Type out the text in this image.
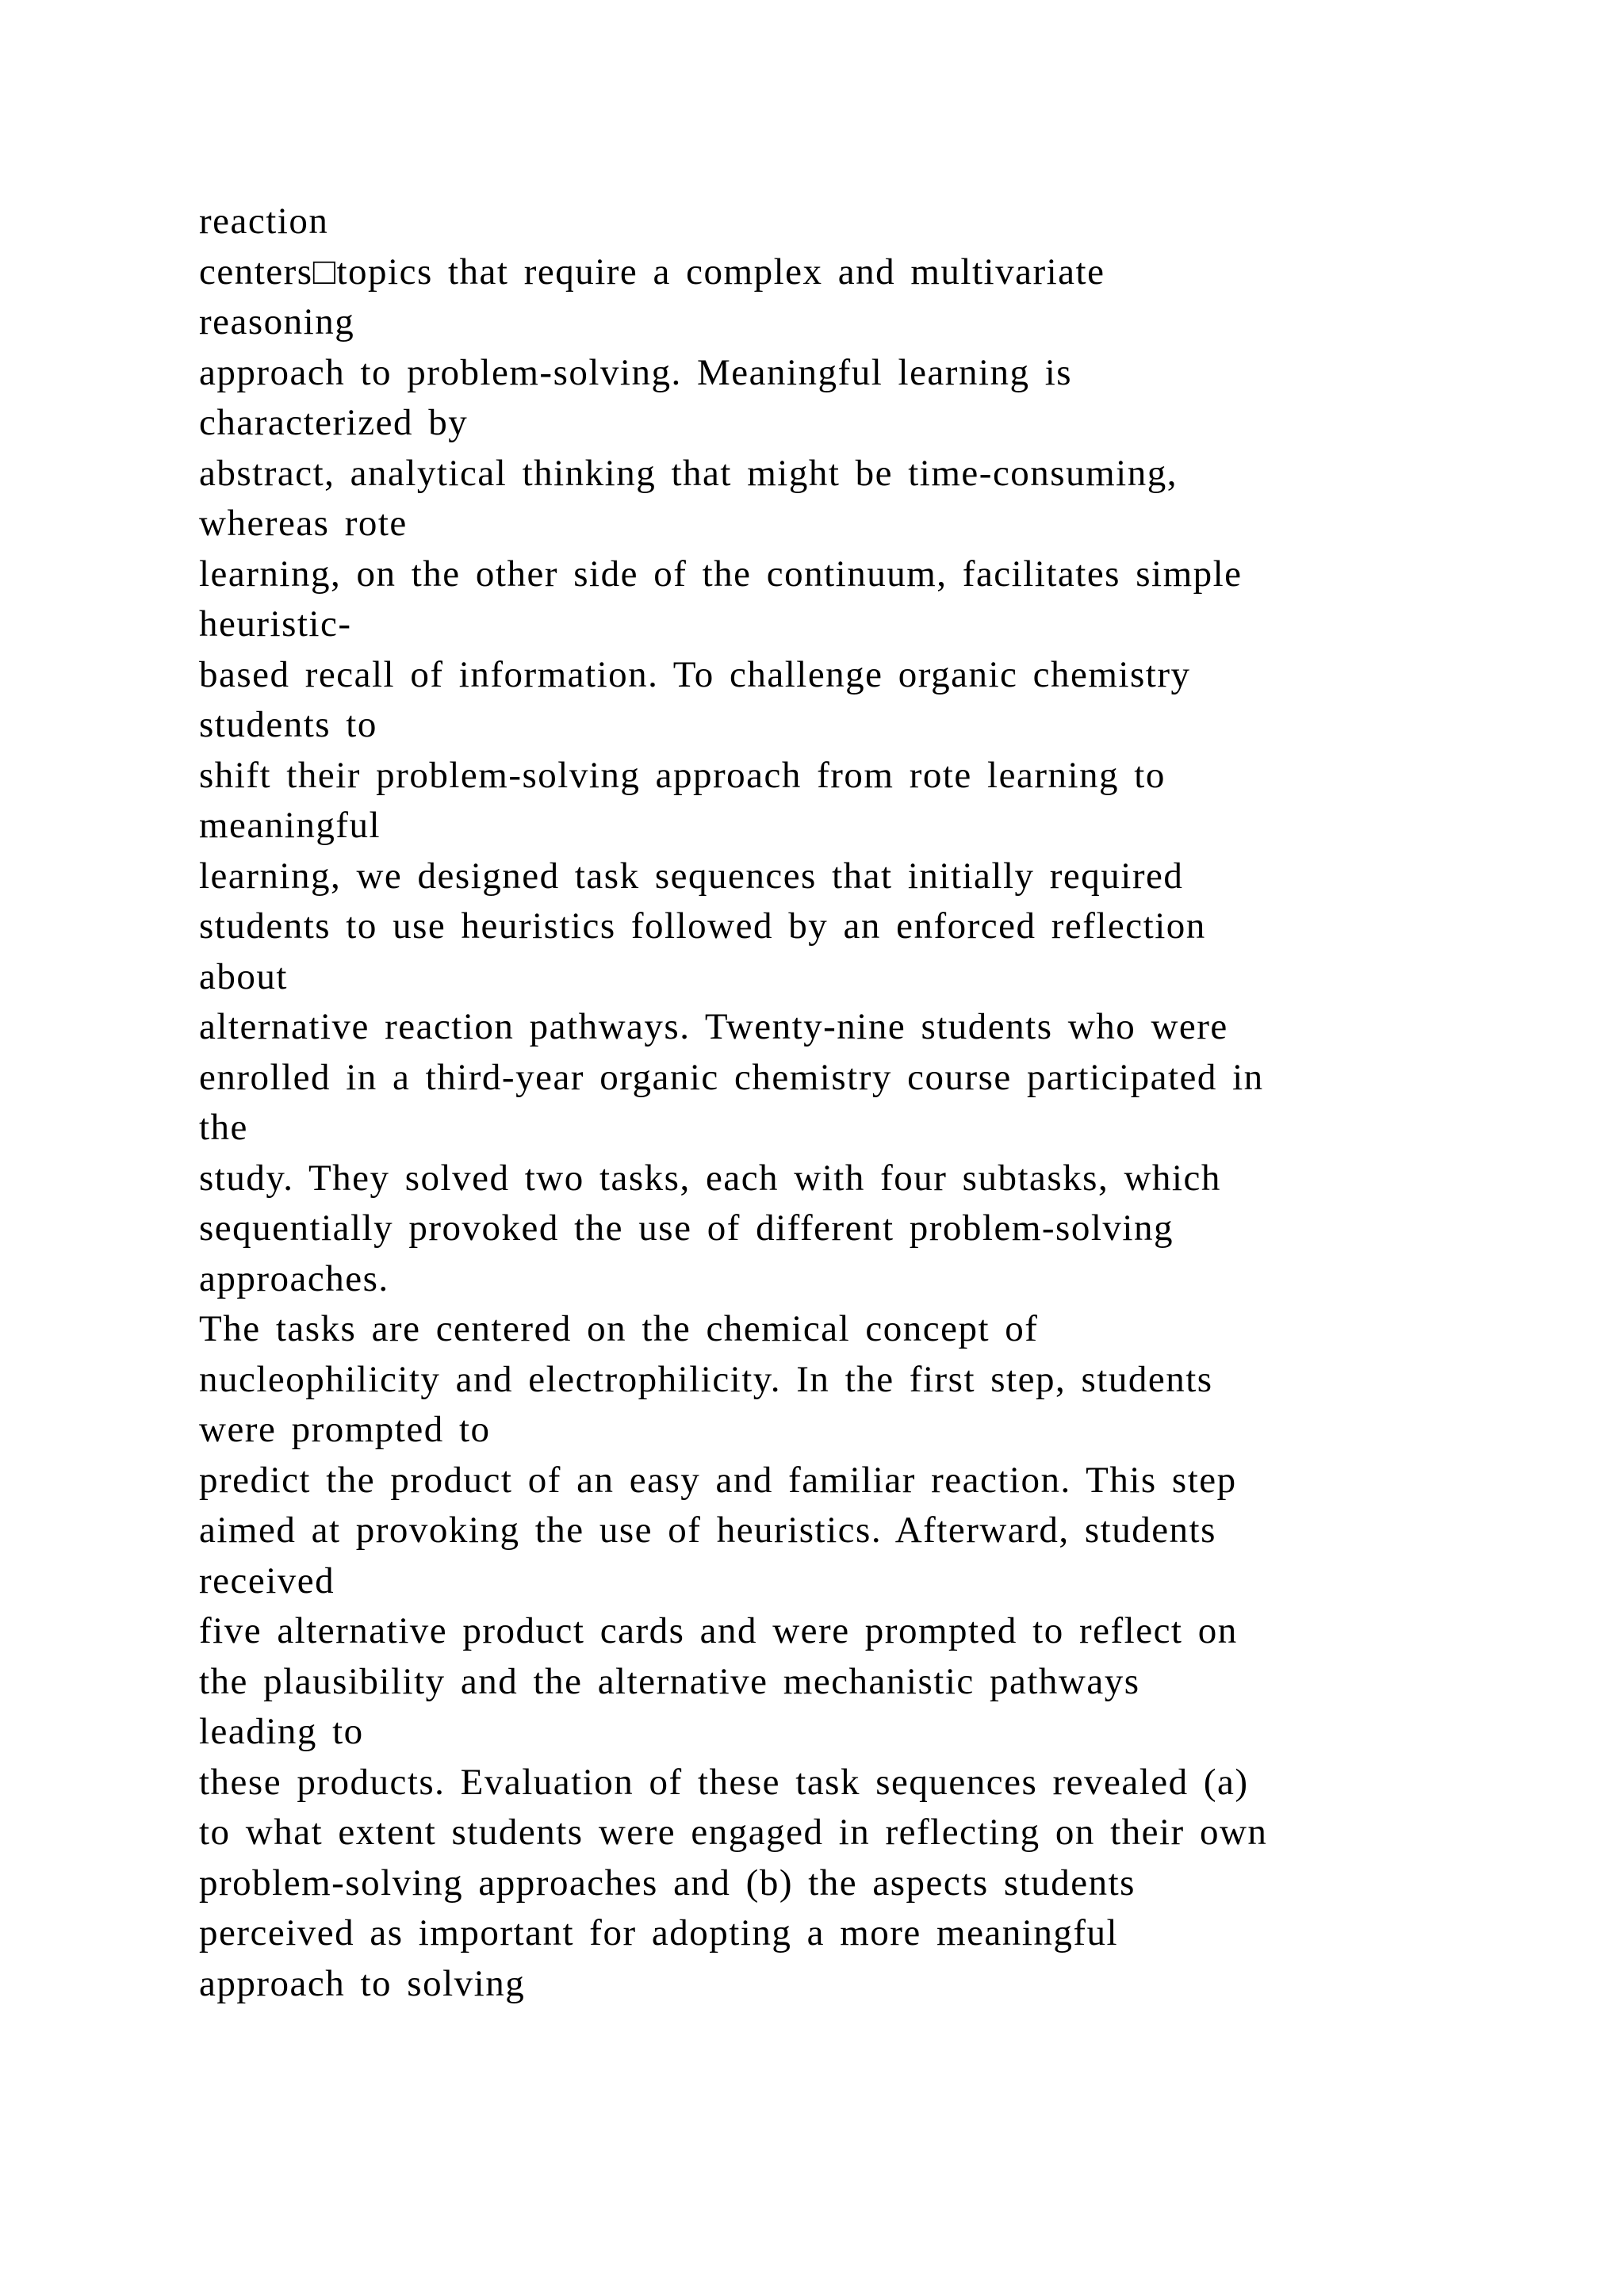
reaction
centers□topics that require a complex and multivariate
reasoning
approach to problem-solving. Meaningful learning is
characterized by
abstract, analytical thinking that might be time-consuming,
whereas rote
learning, on the other side of the continuum, facilitates simple
heuristic-
based recall of information. To challenge organic chemistry
students to
shift their problem-solving approach from rote learning to
meaningful
learning, we designed task sequences that initially required
students to use heuristics followed by an enforced reflection
about
alternative reaction pathways. Twenty-nine students who were
enrolled in a third-year organic chemistry course participated in
the
study. They solved two tasks, each with four subtasks, which
sequentially provoked the use of different problem-solving
approaches.
The tasks are centered on the chemical concept of
nucleophilicity and electrophilicity. In the first step, students
were prompted to
predict the product of an easy and familiar reaction. This step
aimed at provoking the use of heuristics. Afterward, students
received
five alternative product cards and were prompted to reflect on
the plausibility and the alternative mechanistic pathways
leading to
these products. Evaluation of these task sequences revealed (a)
to what extent students were engaged in reflecting on their own
problem-solving approaches and (b) the aspects students
perceived as important for adopting a more meaningful
approach to solving
